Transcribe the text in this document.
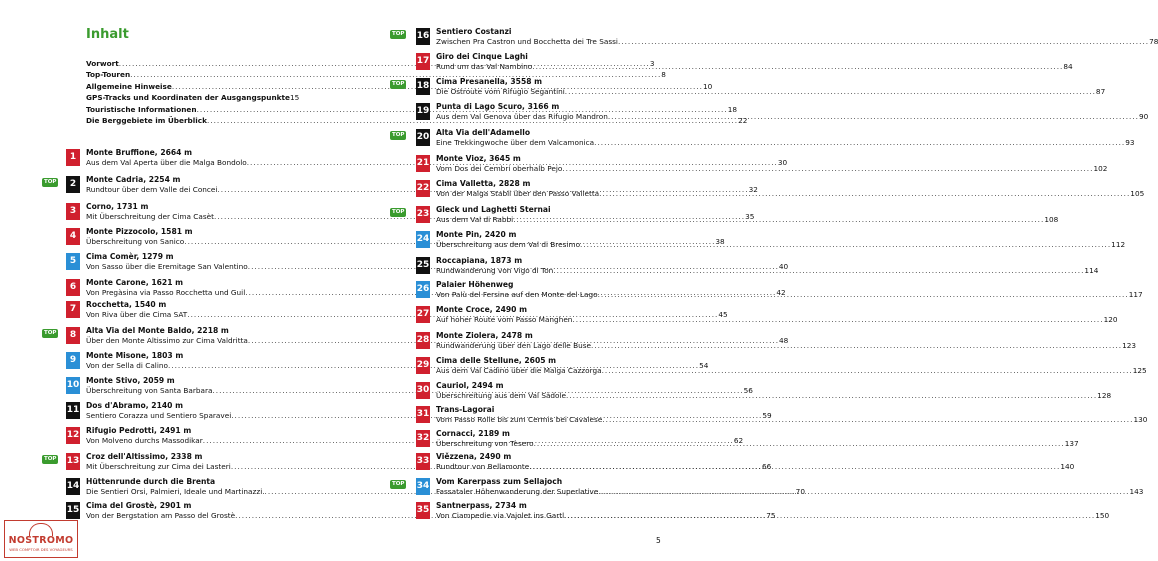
Inhalt
Vorwort .....	3
Top-Touren .....	8
Allgemeine Hinweise .....	10
GPS-Tracks und Koordinaten der Ausgangspunkte 15
Touristische Informationen .....	18
Die Berggebiete im Überblick .....	22
1	Monte Bruffione, 2664 m
Aus dem Val Aperta über die Malga Bondolo .....	30
TOP	2	Monte Cadria, 2254 m
Rundtour über dem Valle dei Concei .....	32
3	Corno, 1731 m
Mit Überschreitung der Cima Casèt .....	35
4	Monte Pizzocolo, 1581 m
Überschreitung von Sanico .....	38
5	Cima Comèr, 1279 m
Von Sasso über die Eremitage San Valentino .....	40
6	Monte Carone, 1621 m
Von Pregàsina via Passo Rocchetta und Guil .....	42
7	Rocchetta, 1540 m
Von Riva über die Cima SAT .....	45
TOP	8	Alta Via del Monte Baldo, 2218 m
Über den Monte Altissimo zur Cima Valdritta .....	48
9	Monte Misone, 1803 m
Von der Sella di Calino .....	54
10 Monte Stivo, 2059 m
Überschreitung von Santa Barbara .....	56
11 Dos d'Abramo, 2140 m
Sentiero Corazza und Sentiero Sparavei .....	59
12 Rifugio Pedrotti, 2491 m
Von Molveno durchs Massodikar .....	62
TOP 13 Croz dell'Altissimo, 2338 m
Mit Überschreitung zur Cima dei Lasteri .....	66
14 Hüttenrunde durch die Brenta
Die Sentieri Orsi, Palmieri, Ideale und Martinazzi. .....	70
15 Cima del Grostè, 2901 m
Von der Bergstation am Passo del Grostè .....	75
TOP 16 Sentiero Costanzi
Zwischen Pra Castron und Bocchetta dei Tre Sassi .....	78
17 Giro dei Cinque Laghi
Rund um das Val Nambino .....	84
TOP 18 Cima Presanella, 3558 m
Die Ostroute vom Rifugio Segantini .....	87
19 Punta di Lago Scuro, 3166 m
Aus dem Val Genova über das Rifugio Mandron .....	90
TOP 20 Alta Via dell'Adamello
Eine Trekkingwoche über dem Valcamonica .....	93
21 Monte Vioz, 3645 m
Vom Dos dei Cembri oberhalb Pejo .....	102
22 Cima Valletta, 2828 m
Von der Malga Stabli über den Passo Valletta .....	105
TOP 23 Gleck und Laghetti Sternai
Aus dem Val di Rabbi .....	108
24 Monte Pin, 2420 m
Überschreitung aus dem Val di Bresimo .....	112
25 Roccapiana, 1873 m
Rundwanderung von Vigo di Ton .....	114
26 Palaier Höhenweg
Von Palù del Fersina auf den Monte del Lago .....	117
27 Monte Croce, 2490 m
Auf hoher Route vom Passo Manghen .....	120
28 Monte Ziolera, 2478 m
Rundwanderung über den Lago delle Buse .....	123
29 Cima delle Stellune, 2605 m
Aus dem Val Cadino über die Malga Cazzorga .....	125
30 Cauriol, 2494 m
Überschreitung aus dem Val Sàdole .....	128
31 Trans-Lagorai
Vom Passo Rolle bis zum Cermis bei Cavalese .....	130
32 Cornacci, 2189 m
Überschreitung von Tèsero .....	137
33 Viězzena, 2490 m
Rundtour von Bellamonte .....	140
TOP 34 Vom Karerpass zum Sellajoch
Fassataler Höhenwanderung der Superlative .....	143
35 Santnerpass, 2734 m
Von Ciampedie via Vajolet ins Gartl .....	150
5
NOSTROMO
WEB COMPTOIR DES VOYAGEURS
